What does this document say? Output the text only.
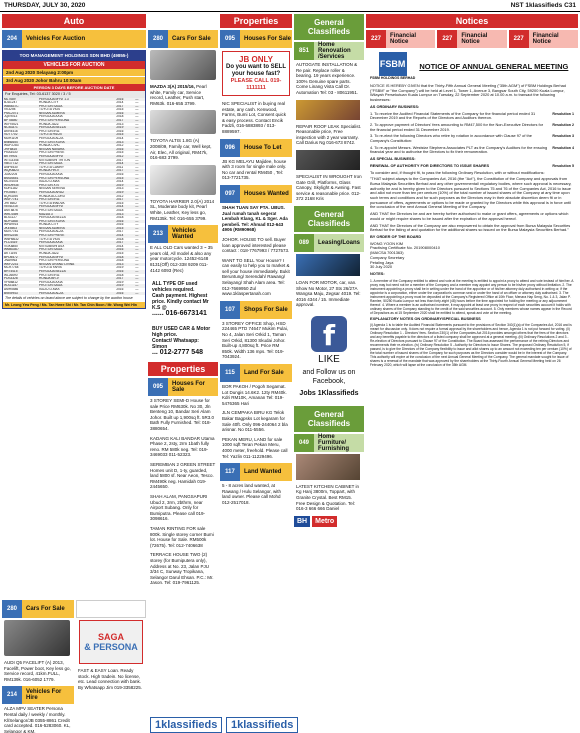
THURSDAY, JULY 30, 2020	NST 1klassifieds C31
Auto
204	Vehicles For Auction
TOO MANAGEMENT HOLDINGS SDN BHD (49855-)
VEHICLES FOR AUCTION
2nd Aug 2020 Selayang 2:00pm
3rd Aug 2020 Johor Bahru 10:00am
PERSON 3 DAYS BEFORE AUCTION DATE
For Enquiries, Tel: 03-6137 3020 / 3 / 5
ML7689	PERODUA MYVI 1.3	2016	—
BJU1247	HONDA CITY	2014	—
WB6637C	PROTON SAGA	2017	—
VK3298	TOYOTA VIOS	2015	—
PMC2071	NISSAN ALMERA	2016	—
JQE9013	PERODUA AXIA	2018	—
BPT8840	PROTON PERSONA	2017	—
WXY5521	HONDA JAZZ	2013	—
NCB3371	PERODUA BEZZA	2019	—
AKR4416	PROTON IRIZ	2016	—
VDT7702	TOYOTA HILUX	2015	—
MDH1109	PERODUA ALZA	2014	—
BNB6654	PROTON EXORA	2013	—
WUP2283	HONDA CIVIC	2012	—
JRF8815	NISSAN NAVARA	2016	—
PKA4430	PROTON PREVE	2015	—
BKT9901	PERODUA MYVI	2012	—
WTG3346	MITSUBISHI TRITON	2017	—
VBG7712	PROTON SAGA	2014	—
ANP5530	TOYOTA CAMRY	2011	—
WQK8823	HONDA HR-V	2017	—
JLM2204	PERODUA AXIA	2016	—
BMG6651	PROTON PERSONA	2015	—
MCX4478	ISUZU D-MAX	2014	—
WVD9935	PROTON X70	2019	—
KDR1182	NISSAN SERENA	2013	—
PRJ5567	PERODUA ARUZ	2019	—
BQR3390	HONDA ACCORD	2012	—
WSF7741	PROTON IRIZ	2017	—
JHT6602	TOYOTA INNOVA	2015	—
VEN2215	PERODUA MYVI	2014	—
AMT8876	PROTON SAGA	2018	—
WRL4459	MAZDA 3	2013	—
BLS1127	PERODUA BEZZA	2018	—
NDP3368	PROTON EXORA	2016	—
WPA9914	HONDA CITY	2016	—
JKE5503	NISSAN ALMERA	2015	—
MDV7781	PERODUA ALZA	2017	—
BRN2246	PROTON PREVE	2014	—
WNH6632	TOYOTA VIOS	2018	—
PLC4419	PERODUA AXIA	2017	—
VGK8850	MITSUBISHI ASX	2014	—
WMB3307	PROTON SAGA	2016	—
AKT1194	HONDA JAZZ	2015	—
BPD5572	PERODUA MYVI	2018	—
JNA9963	PROTON PERSONA	2018	—
WKF2231	NISSAN GRAND LIVINA	2013	—
MCR7748	TOYOTA YARIS	2019	—
BHT4415	PERODUA BEZZA	2016	—
WLJ6690	PROTON IRIZ	2018	—
PDS3328	HONDA BR-V	2017	—
VFM8812	PERODUA AXIA	2019	—
WJG1157	PROTON SAGA	2019	—
AMH5586	ISUZU D-MAX	2016	—
BNS9943	PERODUA ALZA	2016	—
The details of vehicles on board above are subject to change by the auction house
Mr. Leong Yew Peng / Ms. Tan Hwee Shi / Mr. Tan Chin Boon / Mr. Wong Wei Hin
280	Cars For Sale
AUDI Q5 FACELIFT (A) 2013, Facelift, Power boot, Key less go, Service record, 41km.FULL, RM139k. 016-6052 1779.
214	Vehicles For Hire
ALZA MPV SEATER Persona Rental daily / weekly / monthly. Kl/Selangor/JB 0355-8861 Credit card accepted. 016-5283060. KL, Selangor & KM.
SAGA
& PERSONA
FAST & EASY Loan. Ready stock. High tradein. No license, etc. Lead connection with bank. By Whatsapp Jim 019-3358225.
280	Cars For Sale
MAZDA 3(A) 2015/16, Pearl white, Family car, Service record, Leather, Push start, RM63k. 016-655 3799.
TOYOTA ALTIS 1.8G (A) 2008/09, Family car, Well kept, Air, Elec, All original, RM47k, 016-683 3799.
TOYOTA HARRIER 2.0(A) 2014 SL, Moderate body kit, Pearl White, Leather, Key less go, RM135k. Tel: 016-655 3799.
213	Vehicles Wanted
E ALL OLD Cars wanted 3 ~ 35 years old, All model & also any year motorcycle. 12452-6148 8131(Off) 012-338 9209 011-4142 6093 (Rec)
ALL TYPE OF used vehicles required.
Cash payment. Highest price. Kindly contact Mr K.S @
...... 016-6673141
BUY USED CAR & Motor high price.
Contact/ Whatsapp: Simon
... 012-2777 548
Properties
095	Houses For Sale
3 STOREY SEMI-D House for sale Price RM630k. No 30, Jln Benteng 10, Bandar Seri Alam Johor. Built up 1,900sq ft. 5R3.0 Bath Fully Furnished. Tel: 018-3880654.
KADANG KALI BANDAR Utama Phase 2, 2sty, 2rm 1bath fully reno. RM 580k neg. Tel: 019-3469033 011-52323.
SEREMBAN 2 GREEN STREET Homes unit D, 1-ty, guarded, land 5800 sf. Near Aeon, Tesco. RM490k neg. Hamidah 019-2445650.
SHAH ALAM, PANGSAPURI Ubud 2, 3rm, 2bthrm, near Airport Subang. Only for Bumiputra. Please call 019-3098616.
TAMAN RINTING FOR sale 800k. Single storey corner Bumi lot. House for Sale. RM500k (72675). Tel: 012-7406638
TERRACE HOUSE TWO (2) storey (for Bumiputera only), Address at No. 23, Jalan PJU 3/34 C, Sunway Tropikana, Selangor Darul Ehsan. P.C.: Mr. Jason. Tel: 019-7961125.
Properties
095	Houses For Sale
JB ONLY
Do you want to SELL your house fast?
PLEASE CALL 019-1111111
NIC SPECIALIST in buying real estate, any cash. Kenwood, Farms, Bumi Lot, Consent quick & easy process. Contact Encik Fadzli, 016-5883893 / 013-8889597.
096	House To Let
JB KG MELAYU Majidee, house with 3 room for single male only. No car and rental RM450 , Tel: 013-7721735.
097	Houses Wanted
SHAH TUAN SAY PTA. UBUS. Jual rumah tanah segera! Lembah Klang, KL & Sger. Ada pembeli. Tel: Ahmad 012-643 4906 (RM90968)
JOHOR. HOUSE TO sell. Buyer loan approved interested please contact : 018-7767993 / 7727573.
WANT TO SELL Your House? I can easily to help you to market & sell your house immediately. Bukit Beruntung/ Serendah/ Rawang/ Selayang/ Shah Alam area. Tel: 012-7669950 Zul www.1klaspertanah.com
107	Shops For Sale
3 STOREY OFFICE Shop, HSD 224465 PTD 74647 Mukim Pulai, No 4, Jalan Seri Orkid 1, Taman Seri Orkid, 81300 Skudai Johor. Built-up 4,800sq ft. Price RM 850k. Width 136 mps. Tel: 019-7043924.
115	Land For Sale
BOR PAKOH / Pogoh Segamat. Lot Dungis 14.6K2. 12ty RM40k. Kdri RM10K, Amanan Tel: 019-5476365 Hari
JLN CEMPAKA BIRU KG Telok Bakar Bagpsks Lot kegaram for Sale 40ft. Only 096-244064 2 bla arisnar. No 011-5556.
PEKAN MERU, LAND for sale 1000 sqft Teran Pekan Meru, 4000 meter, freehold. Please call Tel: Yazlin 011-11229496.
117	Land Wanted
5 - 8 acres land wanted, at Rawang / Hulu Selangor, with land owner. Please call Mohd 012-2517018.
General Classifieds
851
Home Renovation /Services
AUTOGATE INSTALLATION & Re pair. Replace roller & bearing. 19 years experience. 100% Genuine spare parts. Come Linang Vista Call Dr. Automation Tel: 03 - 80611951.
REPAIR ROOF LEAK Specialist. Reasonable price, Free inspection with 2 year warranty. Call Darius Ng 016-673 8742.
SPECIALIST IN WROUGHT Iron Gate Grill, Platforms, Glass Canopy, Skylight & Awning. Fast service & reasonable price. 012-372 2168 Kris
General Classifieds
089	Leasing/Loans
LOAN FOR MOTOR, car, van. Show No Motor, 27 Sts 26/27A Wangsa Maju, Zegsar 4019. Tel: 4016 4344 / 15. Immediate approval.
f
LIKE
and Follow us on Facebook,
Jobs 1Klassifieds
General Classifieds
049
Home Furniture/ Furnishing
LATEST KITCHEN CABINET in Kg Hanj 3800m, Toppart, with Granite Crystal. Best RM15. Free Design & Quotation. Tel: 016-3 666 666 Daniel
BH	Metro
Notices
227	Financial Notice	227	Financial Notice	227	Financial Notice
FSBM
FSBM HOLDINGS BERHAD
NOTICE OF ANNUAL GENERAL MEETING

NOTICE IS HEREBY GIVEN that the Thirty-Fifth Annual General Meeting ("35th AGM") of FSBM Holdings Berhad ("FSBM" or "the Company") will be held at Level 1, Tower 1, Avenue 3, Bangsar South City, 59200 Kuala Lumpur, Wilayah Persekutuan Kuala Lumpur on Tuesday, 22 September 2020 at 10.00 a.m. to transact the following businesses:

AS ORDINARY BUSINESS:

1. To receive the Audited Financial Statements of the Company for the financial period ended 31 December 2019 and the Reports of the Directors and Auditors thereon.

Resolution 1

2. To approve payment of Directors' fees amounting to RM47,500 for the Non-Executive Directors for the financial period ended 31 December 2019.

Resolution 2

3. To re-elect the following Directors who retire by rotation in accordance with Clause 97 of the Company's Constitution:

Resolution 3

4. To re-appoint Messrs. Weststar Stephens Associates PLT as the Company's Auditors for the ensuing financial year and to authorise the Directors to fix their remuneration.

Resolution 4

AS SPECIAL BUSINESS:

RENEWAL OF AUTHORITY FOR DIRECTORS TO ISSUE SHARES	Resolution 5

To consider and, if thought fit, to pass the following Ordinary Resolution, with or without modifications:

"THAT subject always to the Companies Act, 2016 (the "Act"), the Constitution of the Company and approvals from Bursa Malaysia Securities Berhad and any other governmental/ regulatory bodies, where such approval is necessary, authority be and is hereby given to the Directors pursuant to Sections 75 and 76 of the Companies Act, 2016 to issue and allot not more than ten per centum (10%) of the total number of issued shares of the Company at any time upon such terms and conditions and for such purposes as the Directors may in their absolute discretion deem fit or in pursuance of offers, agreements or options to be made or granted by the Directors while this approval is in force until the conclusion of the next Annual General Meeting of the Company.

AND THAT the Directors be and are hereby further authorised to make or grant offers, agreements or options which would or might require shares to be issued after the expiration of the approval hereof.

AND THAT the Directors of the Company are also empowered to obtain the approval from Bursa Malaysia Securities Berhad for the listing of and quotation for the additional shares so issued on the Bursa Malaysia Securities Berhad."

BY ORDER OF THE BOARD

WONG YOON KIM
Practising Certificate No. 201908000410
(MAICSA 7001363)
Company Secretary
Petaling Jaya
30 July 2020

NOTES:

1. A member of the Company entitled to attend and vote at the meeting is entitled to appoint a proxy to attend and vote instead of him/her. A proxy may but need not be a member of the Company and a member may appoint any person to be his/her proxy without limitation. 2. The instrument appointing a proxy shall be in writing under the hand of the appointor or of his/her attorney duly authorised in writing or, if the appointor is a corporation, either under the corporation's common seal or under the hand of an officer or attorney duly authorised. 3. The instrument appointing a proxy must be deposited at the Company's Registered Office at 10th Floor, Menara Hap Seng, No. 1 & 3, Jalan P. Ramlee, 50250 Kuala Lumpur not less than forty-eight (48) hours before the time appointed for holding the meeting or any adjournment thereof. 4. Where a member is an authorised nominee, it may appoint at least one proxy in respect of each securities account it holds with ordinary shares of the Company standing to the credit of the said securities account. 5. Only members whose names appear in the Record of Depositors as at 15 September 2020 shall be entitled to attend, speak and vote at the meeting.

EXPLANATORY NOTES ON ORDINARY/SPECIAL BUSINESS

(i) Agenda 1 is to table the Audited Financial Statements pursuant to the provisions of Section 340(1)(a) of the Companies Act, 2016 and is meant for discussion only. It does not require a formal approval by the shareholders and hence, Agenda 1 is not put forward for voting. (ii) Ordinary Resolution 1 - Directors' fees. Section 230(1) of the Companies Act 2016 provides amongst others that the fees of the directors and any benefits payable to the directors of a listed company shall be approved at a general meeting. (iii) Ordinary Resolutions 2 and 3 - Re-election of Directors pursuant to Clause 97 of the Constitution. The Board has assessed the performance of the retiring Directors and recommends their re-election. (iv) Ordinary Resolution 5 - Authority for Directors to Issue Shares. The proposed Ordinary Resolution 5, if passed, is to give the Directors of the Company flexibility to issue and allot shares up to an amount not exceeding ten per centum (10%) of the total number of issued shares of the Company for such purposes as the Directors consider would be in the interest of the Company. This authority will expire at the conclusion of the next Annual General Meeting of the Company. The general mandate sought for issue of shares is a renewal of the mandate that was approved by the shareholders at the Thirty-Fourth Annual General Meeting held on 26 February 2020, which will lapse at the conclusion of the 35th AGM.

1klassifieds	1klassifieds
